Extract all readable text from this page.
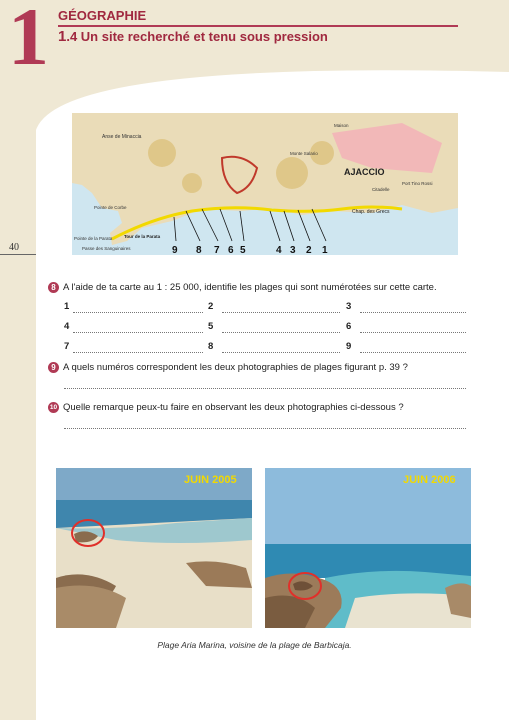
1 GÉOGRAPHIE
1.4 Un site recherché et tenu sous pression
40
Anse de Minaccia
AJACCIO
Chap. des Grecs
Pointe de Corbe
Pointe de la Parata	Tour de la Parata
Passe des Sanguinaires
Monte Salario
Maison
Port Tino Rossi
Citadelle
9 8 7 6 5	4 3 2 1
8 A l'aide de ta carte au 1 : 25 000, identifie les plages qui sont numérotées sur cette carte.
1	2	3
4	5	6
7	8	9
9 A quels numéros correspondent les deux photographies de plages figurant p. 39 ?
10 Quelle remarque peux-tu faire en observant les deux photographies ci-dessous ?
JUIN 2005	JUIN 2006
Plage Aria Marina, voisine de la plage de Barbicaja.
